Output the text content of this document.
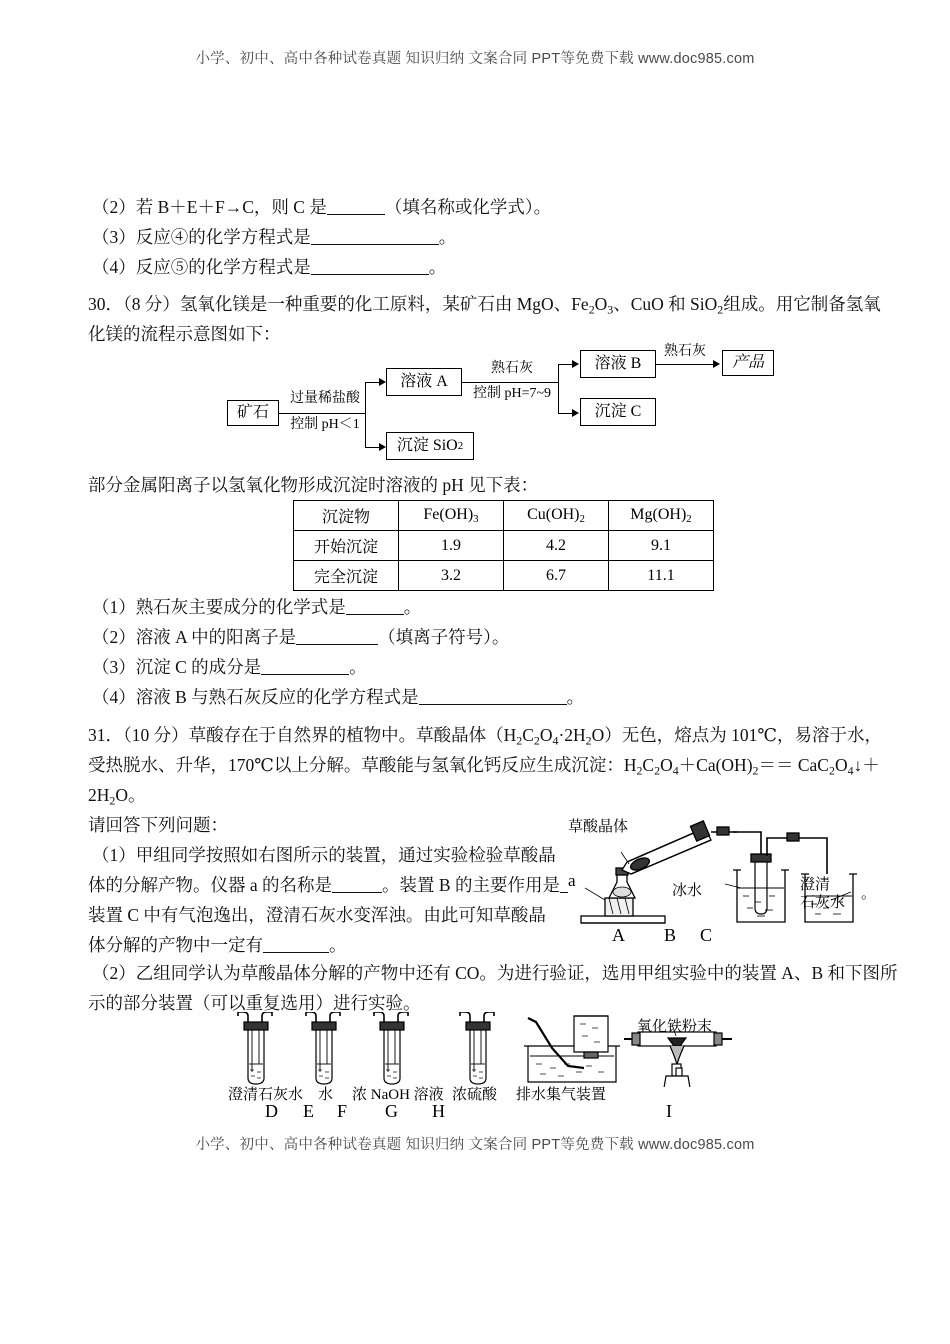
小学、初中、高中各种试卷真题 知识归纳 文案合同 PPT等免费下载 www.doc985.com
（2）若 B＋E＋F→C，则 C 是	（填名称或化学式）。
（3）反应④的化学方程式是	。
（4）反应⑤的化学方程式是	。
30．（8 分）氢氧化镁是一种重要的化工原料，某矿石由 MgO、$Fe_2O_3$、CuO 和 SiO$_2$组成。用它制备氢氧
化镁的流程示意图如下：
矿石
过量稀盐酸
控制 pH＜1
溶液 A
沉淀 SiO 2
熟石灰
控制 pH=7~9
溶液 B
沉淀 C
熟石灰
产品
部分金属阳离子以氢氧化物形成沉淀时溶液的 pH 见下表：
沉淀物	$Fe(OH)_3$	$Cu(OH)_2$	$Mg(OH)_2$
开始沉淀	1.9	4.2	9.1
完全沉淀	3.2	6.7	11.1
（1）熟石灰主要成分的化学式是	。
（2）溶液 A 中的阳离子是	（填离子符号）。
（3）沉淀 C 的成分是	。
（4）溶液 B 与熟石灰反应的化学方程式是	。
31．（10 分）草酸存在于自然界的植物中。草酸晶体$(H_2C_2O_4\cdot 2H_2O)$无色，熔点为 101℃，易溶于水，
受热脱水、升华，170℃以上分解。草酸能与氢氧化钙反应生成沉淀：$H_2C_2O_4+Ca(OH)_2==$ $CaC_2O_4↓+$
$2H_2O$。
请回答下列问题：
（1）甲组同学按照如右图所示的装置，通过实验检验草酸晶
体的分解产物。仪器 a 的名称是	。装置 B 的主要作用是
装置 C 中有气泡逸出，澄清石灰水变浑浊。由此可知草酸晶
体分解的产物中一定有	。
草酸晶体
a
冰水	澄清
石灰水
A B C
。
（2）乙组同学认为草酸晶体分解的产物中还有 CO。为进行验证，选用甲组实验中的装置 A、B 和下图所
示的部分装置（可以重复选用）进行实验。
澄清石灰水 水 浓 NaOH 溶液 浓硫酸 排水集气装置
D E F G H
氧化铁粉末
I
小学、初中、高中各种试卷真题 知识归纳 文案合同 PPT等免费下载 www.doc985.com
